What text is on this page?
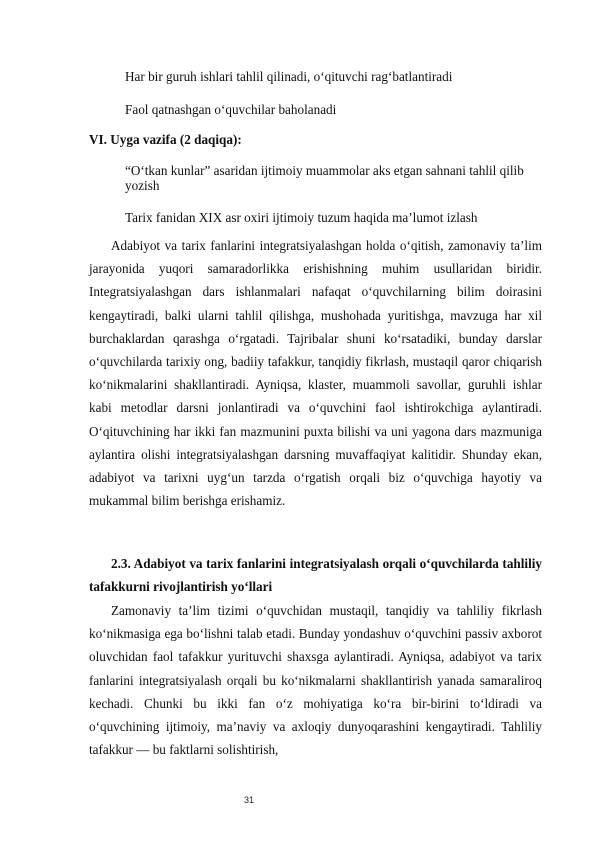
Har bir guruh ishlari tahlil qilinadi, o‘qituvchi rag‘batlantiradi
Faol qatnashgan o‘quvchilar baholanadi
VI. Uyga vazifa (2 daqiqa):
“O‘tkan kunlar” asaridan ijtimoiy muammolar aks etgan sahnani tahlil qilib yozish
Tarix fanidan XIX asr oxiri ijtimoiy tuzum haqida ma’lumot izlash

Adabiyot va tarix fanlarini integratsiyalashgan holda o‘qitish, zamonaviy ta’lim jarayonida yuqori samaradorlikka erishishning muhim usullaridan biridir. Integratsiyalashgan dars ishlanmalari nafaqat o‘quvchilarning bilim doirasini kengaytiradi, balki ularni tahlil qilishga, mushohada yuritishga, mavzuga har xil burchaklardan qarashga o‘rgatadi. Tajribalar shuni ko‘rsatadiki, bunday darslar o‘quvchilarda tarixiy ong, badiiy tafakkur, tanqidiy fikrlash, mustaqil qaror chiqarish ko‘nikmalarini shakllantiradi. Ayniqsa, klaster, muammoli savollar, guruhli ishlar kabi metodlar darsni jonlantiradi va o‘quvchini faol ishtirokchiga aylantiradi. O‘qituvchining har ikki fan mazmunini puxta bilishi va uni yagona dars mazmuniga aylantira olishi integratsiyalashgan darsning muvaffaqiyat kalitidir. Shunday ekan, adabiyot va tarixni uyg‘un tarzda o‘rgatish orqali biz o‘quvchiga hayotiy va mukammal bilim berishga erishamiz.

2.3. Adabiyot va tarix fanlarini integratsiyalash orqali o‘quvchilarda tahliliy tafakkurni rivojlantirish yo‘llari

Zamonaviy ta’lim tizimi o‘quvchidan mustaqil, tanqidiy va tahliliy fikrlash ko‘nikmasiga ega bo‘lishni talab etadi. Bunday yondashuv o‘quvchini passiv axborot oluvchidan faol tafakkur yurituvchi shaxsga aylantiradi. Ayniqsa, adabiyot va tarix fanlarini integratsiyalash orqali bu ko‘nikmalarni shakllantirish yanada samaraliroq kechadi. Chunki bu ikki fan o‘z mohiyatiga ko‘ra bir-birini to‘ldiradi va o‘quvchining ijtimoiy, ma’naviy va axloqiy dunyoqarashini kengaytiradi. Tahliliy tafakkur — bu faktlarni solishtirish,

31
